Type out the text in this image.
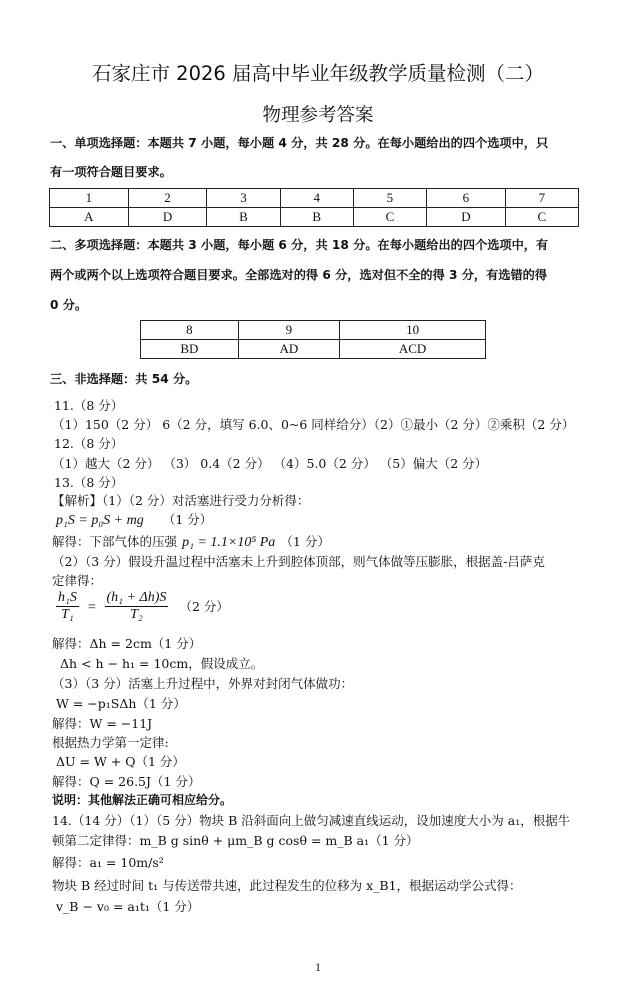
石家庄市 2026 届高中毕业年级教学质量检测（二）
物理参考答案
一、单项选择题：本题共 7 小题，每小题 4 分，共 28 分。在每小题给出的四个选项中，只
有一项符合题目要求。
1	2	3	4	5	6	7
A	D	B	B	C	D	C
二、多项选择题：本题共 3 小题，每小题 6 分，共 18 分。在每小题给出的四个选项中，有
两个或两个以上选项符合题目要求。全部选对的得 6 分，选对但不全的得 3 分，有选错的得
0 分。
8	9	10
BD	AD	ACD
三、非选择题：共 54 分。
11.（8 分）
（1）150（2 分） 6（2 分，填写 6.0、0~6 同样给分）（2）①最小（2 分）②乘积（2 分）
12.（8 分）
（1）越大（2 分） （3） 0.4（2 分） （4）5.0（2 分） （5）偏大（2 分）
13.（8 分）
【解析】（1）（2 分）对活塞进行受力分析得：
p₁S = p₀S + mg （1 分）
解得：下部气体的压强 p₁ = 1.1×10⁵ Pa （1 分）
（2）（3 分）假设升温过程中活塞未上升到腔体顶部，则气体做等压膨胀，根据盖-吕萨克
定律得：
$\frac{\text{h₁S}}{\text{T₁}} = \frac{\text{(h₁ + Δh)S}}{\text{T₂}} (2$ 分）
解得：Δh = 2cm（1 分）
Δh < h − h₁ = 10cm，假设成立。
（3）（3 分）活塞上升过程中，外界对封闭气体做功：
W = −p₁SΔh（1 分）
解得：W = −11J
根据热力学第一定律:
ΔU = W + Q（1 分）
解得：Q = 26.5J（1 分）
说明：其他解法正确可相应给分。
14.（14 分）（1）（5 分）物块 B 沿斜面向上做匀减速直线运动，设加速度大小为 a₁，根据牛
顿第二定律得：m_B g sinθ + μm_B g cosθ = m_B a₁（1 分）
解得：a₁ = 10m/s²
物块 B 经过时间 t₁ 与传送带共速，此过程发生的位移为 x_B1，根据运动学公式得：
v_B − v₀ = a₁t₁（1 分）
1
